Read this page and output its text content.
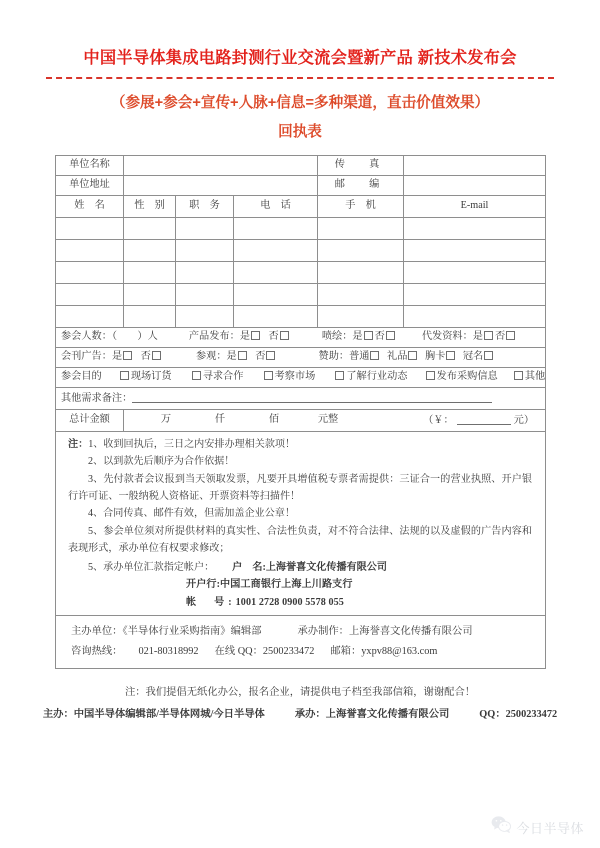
中国半导体集成电路封测行业交流会暨新产品 新技术发布会
（参展+参会+宣传+人脉+信息=多种渠道，直击价值效果）
回执表
单位名称				传　真	
单位地址				邮　编	
姓　名	性　别	职　务	电　话	手　机	E-mail

参会人数：（　　）人 产品发布：是 否 喷绘：是 否 代发资料：是 否					
会刊广告：是 否 参观：是 否 赞助：普通 礼品 胸卡 冠名					
参会目的 现场订货 寻求合作 考察市场 了解行业动态 发布采购信息 其他					
其他需求备注：					
总计金额	万 仟 佰 元整 （￥： 元）				

注：1、收到回执后，三日之内安排办理相关款项！

2、以到款先后顺序为合作依据！

3、先付款者会议报到当天领取发票，凡要开具增值税专票者需提供：三证合一的营业执照、开户银行许可证、一般纳税人资格证、开票资料等扫描件！

4、合同传真、邮件有效，但需加盖企业公章！

5、参会单位须对所提供材料的真实性、合法性负责，对不符合法律、法规的以及虚假的广告内容和表现形式，承办单位有权要求修改；

5、承办单位汇款指定帐户： 户　名:上海誉喜文化传播有限公司
开户行:中国工商银行上海上川路支行
帐　号:1001 2728 0900 5578 055

主办单位：《半导体行业采购指南》编辑部 承办制作：上海誉喜文化传播有限公司
咨询热线： 021-80318992 在线 QQ：2500233472 邮箱：yxpv88@163.com					
注：我们提倡无纸化办公，报名企业，请提供电子档至我部信箱，谢谢配合！
主办：中国半导体编辑部/半导体网城/今日半导体	承办：上海誉喜文化传播有限公司	QQ：2500233472
今日半导体
